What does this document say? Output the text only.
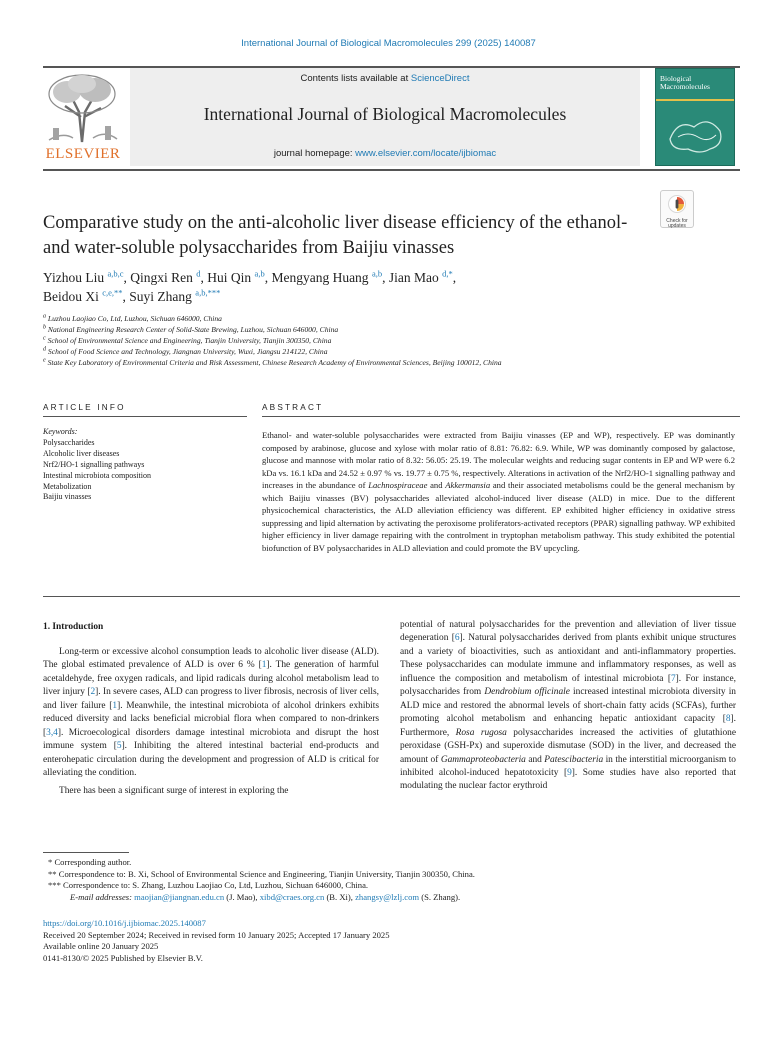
International Journal of Biological Macromolecules 299 (2025) 140087
ELSEVIER
Contents lists available at ScienceDirect
International Journal of Biological Macromolecules
journal homepage: www.elsevier.com/locate/ijbiomac
Biological Macromolecules
Check for updates
Comparative study on the anti-alcoholic liver disease efficiency of the ethanol- and water-soluble polysaccharides from Baijiu vinasses
Yizhou Liu $^{a,b,c}$, Qingxi Ren $^d$, Hui Qin $^{a,b}$, Mengyang Huang $^{a,b}$, Jian Mao $^{d,*}$,
Beidou Xi $^{c,e,**}$, Suyi Zhang $^{a,b,***}$
$^a$ Luzhou Laojiao Co, Ltd, Luzhou, Sichuan 646000, China
$^b$ National Engineering Research Center of Solid-State Brewing, Luzhou, Sichuan 646000, China
$^c$ School of Environmental Science and Engineering, Tianjin University, Tianjin 300350, China
$^d$ School of Food Science and Technology, Jiangnan University, Wuxi, Jiangsu 214122, China
$^e$ State Key Laboratory of Environmental Criteria and Risk Assessment, Chinese Research Academy of Environmental Sciences, Beijing 100012, China
ARTICLE INFO	ABSTRACT
Keywords:
Polysaccharides
Alcoholic liver diseases
Nrf2/HO-1 signalling pathways
Intestinal microbiota composition
Metabolization
Baijiu vinasses
Ethanol- and water-soluble polysaccharides were extracted from Baijiu vinasses (EP and WP), respectively. EP was dominantly composed by arabinose, glucose and xylose with molar ratio of 8.81: 76.82: 6.9. While, WP was dominantly composed by galactose, glucose and mannose with molar ratio of 8.32: 56.05: 25.19. The molecular weights and reducing sugar contents in EP and WP were 6.2 kDa vs. 16.1 kDa and 24.52 ± 0.97 % vs. 19.77 ± 0.75 %, respectively. Alterations in activation of the Nrf2/HO-1 signalling pathway and increases in the abundance of Lachnospiraceae and Akkermansia and their associated metabolisms could be the general mechanism by which Baijiu vinasses (BV) polysaccharides alleviated alcohol-induced liver disease (ALD) in mice. Due to the different physicochemical characteristics, the ALD alleviation efficiency was different. EP exhibited higher efficiency in oxidative stress suppressing and lipid alternation by activating the peroxisome proliferators-activated receptors (PPAR) signalling pathway. WP exhibited higher efficiency in liver damage repairing with the controlment in tryptophan metabolism pathway. This study exhibited the potential biofunction of BV polysaccharides in ALD alleviation and could promote the BV upcycling.
1. Introduction

Long-term or excessive alcohol consumption leads to alcoholic liver disease (ALD). The global estimated prevalence of ALD is over 6 % [1]. The generation of harmful acetaldehyde, free oxygen radicals, and lipid radicals during alcohol metabolism lead to liver injury [2]. In severe cases, ALD can progress to liver fibrosis, necrosis of liver cells, and liver failure [1]. Meanwhile, the intestinal microbiota of alcohol drinkers exhibits reduced diversity and lacks beneficial microbial flora when compared to non-drinkers [3,4]. Microecological disorders damage intestinal microbiota and disrupt the host immune system [5]. Inhibiting the altered intestinal bacterial end-products and enterohepatic circulation during the development and progression of ALD is critical for alleviating the condition.

There has been a significant surge of interest in exploring the

potential of natural polysaccharides for the prevention and alleviation of liver tissue degeneration [6]. Natural polysaccharides derived from plants exhibit unique structures and a variety of bioactivities, such as antioxidant and anti-inflammatory properties. These polysaccharides can modulate immune and inflammatory responses, as well as influence the composition and metabolism of intestinal microbiota [7]. For instance, polysaccharides from Dendrobium officinale increased intestinal microbiota diversity in ALD mice and restored the abnormal levels of short-chain fatty acids (SCFAs), further promoting alcohol metabolism and enhancing hepatic antioxidant capacity [8]. Furthermore, Rosa rugosa polysaccharides increased the activities of glutathione peroxidase (GSH-Px) and superoxide dismutase (SOD) in the liver, and decreased the amount of Gammaproteobacteria and Patescibacteria in the interstitial microorganism to inhibited alcohol-induced hepatotoxicity [9]. Some studies have also reported that modulating the nuclear factor erythroid

* Corresponding author.
** Correspondence to: B. Xi, School of Environmental Science and Engineering, Tianjin University, Tianjin 300350, China.
*** Correspondence to: S. Zhang, Luzhou Laojiao Co, Ltd, Luzhou, Sichuan 646000, China.
E-mail addresses: maojian@jiangnan.edu.cn (J. Mao), xibd@craes.org.cn (B. Xi), zhangsy@lzlj.com (S. Zhang).
https://doi.org/10.1016/j.ijbiomac.2025.140087
Received 20 September 2024; Received in revised form 10 January 2025; Accepted 17 January 2025
Available online 20 January 2025
0141-8130/© 2025 Published by Elsevier B.V.
